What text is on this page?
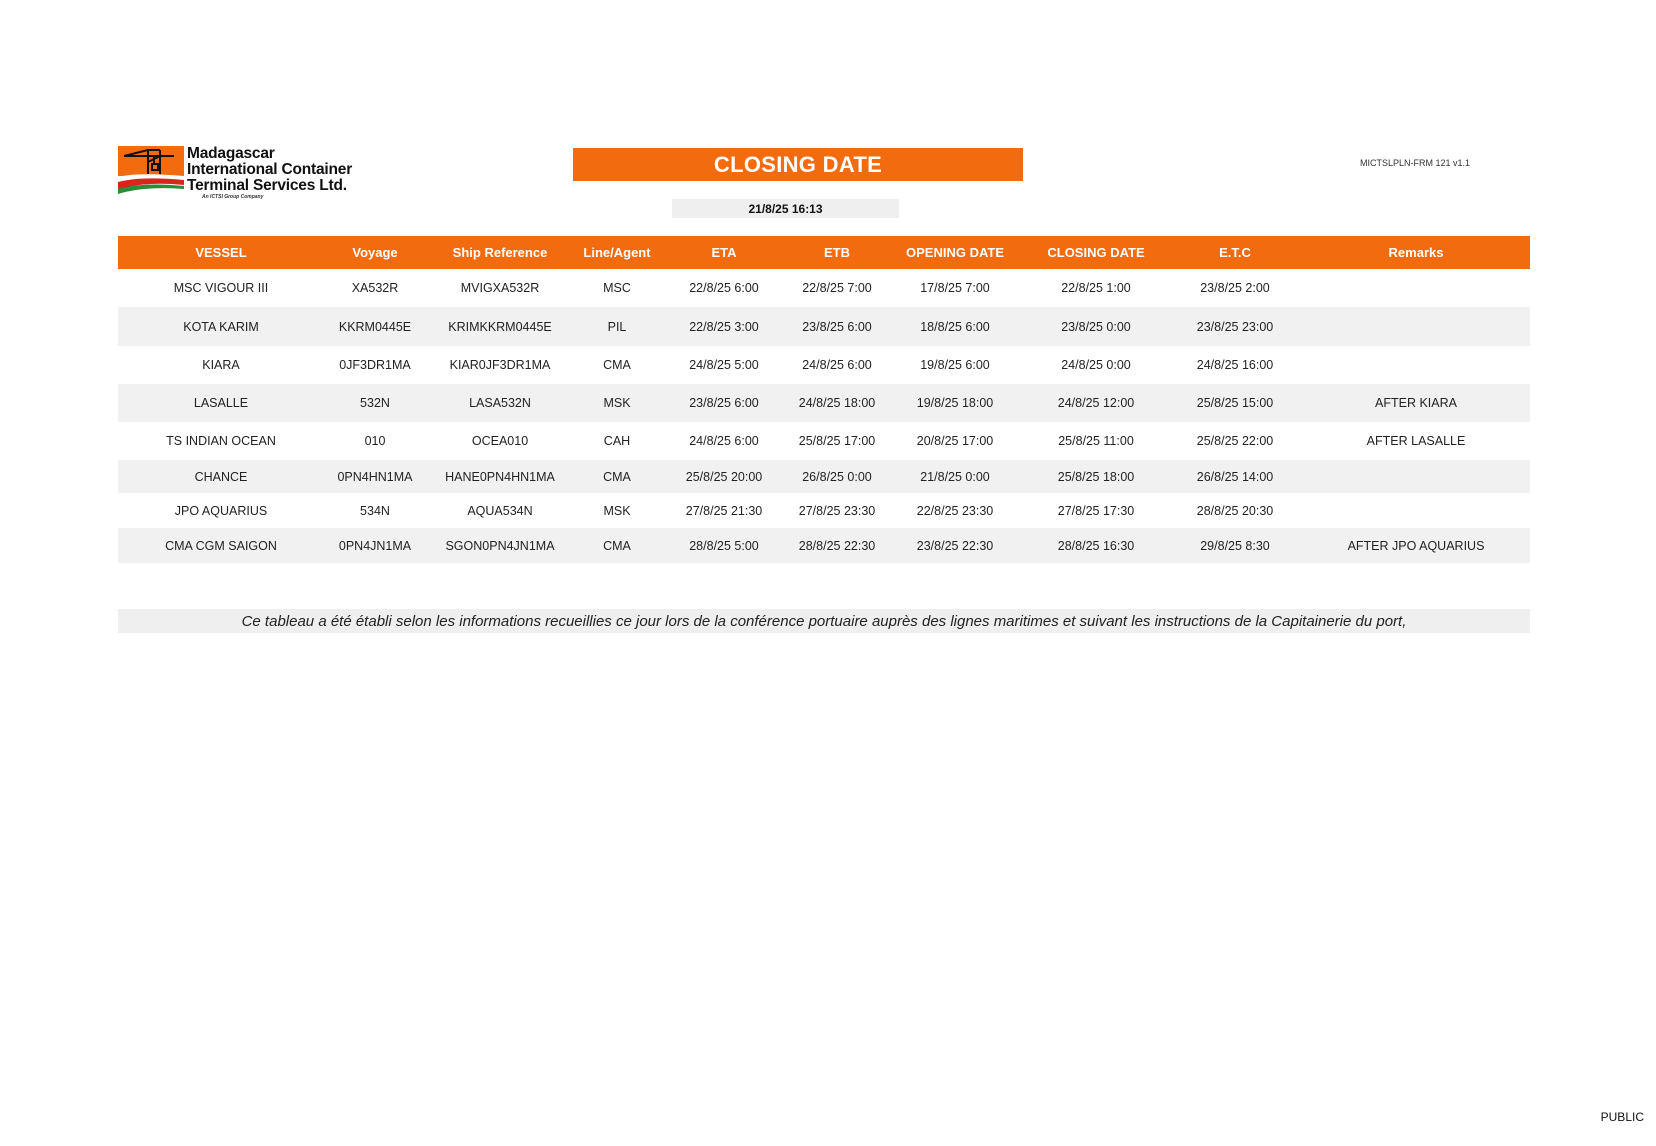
Madagascar
International Container
Terminal Services Ltd.
An ICTSI Group Company
CLOSING DATE
21/8/25 16:13
MICTSLPLN-FRM 121 v1.1
VESSEL	Voyage	Ship Reference	Line/Agent	ETA	ETB	OPENING DATE	CLOSING DATE	E.T.C	Remarks
MSC VIGOUR III	XA532R	MVIGXA532R	MSC	22/8/25 6:00	22/8/25 7:00	17/8/25 7:00	22/8/25 1:00	23/8/25 2:00
KOTA KARIM	KKRM0445E	KRIMKKRM0445E	PIL	22/8/25 3:00	23/8/25 6:00	18/8/25 6:00	23/8/25 0:00	23/8/25 23:00
KIARA	0JF3DR1MA	KIAR0JF3DR1MA	CMA	24/8/25 5:00	24/8/25 6:00	19/8/25 6:00	24/8/25 0:00	24/8/25 16:00
LASALLE	532N	LASA532N	MSK	23/8/25 6:00	24/8/25 18:00	19/8/25 18:00	24/8/25 12:00	25/8/25 15:00	AFTER KIARA
TS INDIAN OCEAN	010	OCEA010	CAH	24/8/25 6:00	25/8/25 17:00	20/8/25 17:00	25/8/25 11:00	25/8/25 22:00	AFTER LASALLE
CHANCE	0PN4HN1MA	HANE0PN4HN1MA	CMA	25/8/25 20:00	26/8/25 0:00	21/8/25 0:00	25/8/25 18:00	26/8/25 14:00
JPO AQUARIUS	534N	AQUA534N	MSK	27/8/25 21:30	27/8/25 23:30	22/8/25 23:30	27/8/25 17:30	28/8/25 20:30
CMA CGM SAIGON	0PN4JN1MA	SGON0PN4JN1MA	CMA	28/8/25 5:00	28/8/25 22:30	23/8/25 22:30	28/8/25 16:30	29/8/25 8:30	AFTER JPO AQUARIUS
Ce tableau a été établi selon les informations recueillies ce jour lors de la conférence portuaire auprès des lignes maritimes et suivant les instructions de la Capitainerie du port,
PUBLIC
